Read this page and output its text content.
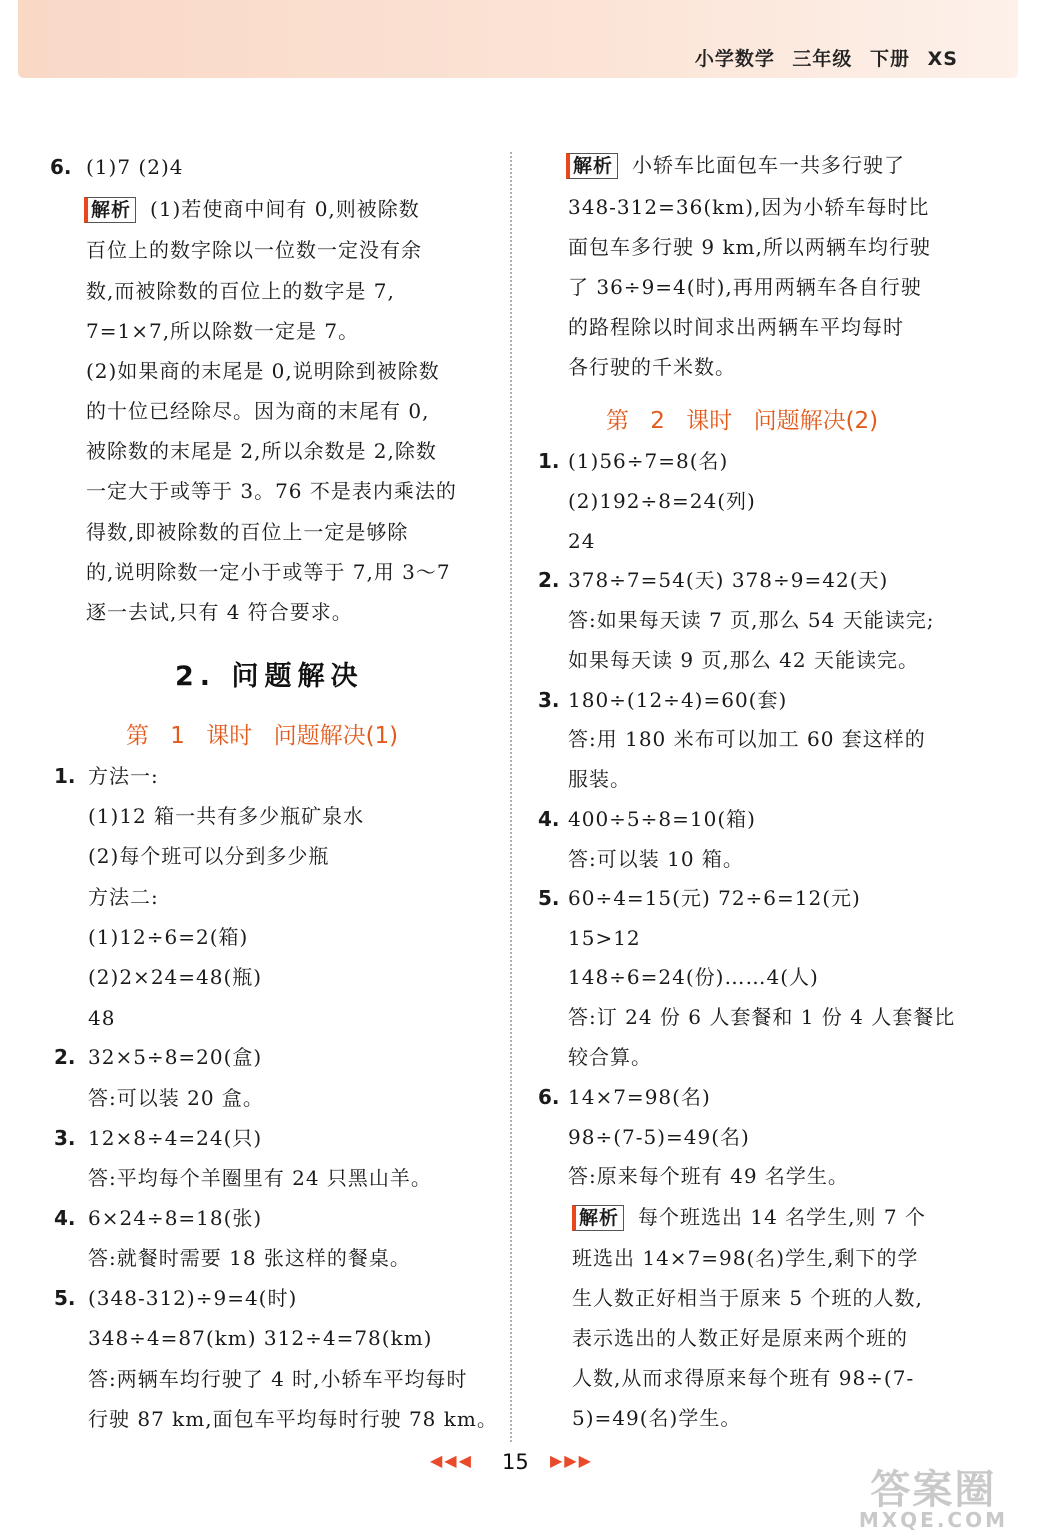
小学数学 三年级 下册 XS
6. (1)7 (2)4
解析 (1)若使商中间有 0,则被除数
百位上的数字除以一位数一定没有余
数,而被除数的百位上的数字是 7,
7=1×7,所以除数一定是 7。
(2)如果商的末尾是 0,说明除到被除数
的十位已经除尽。因为商的末尾有 0,
被除数的末尾是 2,所以余数是 2,除数
一定大于或等于 3。76 不是表内乘法的
得数,即被除数的百位上一定是够除
的,说明除数一定小于或等于 7,用 3～7
逐一去试,只有 4 符合要求。
2. 问题解决
第 1 课时 问题解决(1)
1. 方法一:
(1)12 箱一共有多少瓶矿泉水
(2)每个班可以分到多少瓶
方法二:
(1)12÷6=2(箱)
(2)2×24=48(瓶)
48
2. 32×5÷8=20(盒)
答:可以装 20 盒。
3. 12×8÷4=24(只)
答:平均每个羊圈里有 24 只黑山羊。
4. 6×24÷8=18(张)
答:就餐时需要 18 张这样的餐桌。
5. (348-312)÷9=4(时)
348÷4=87(km) 312÷4=78(km)
答:两辆车均行驶了 4 时,小轿车平均每时
行驶 87 km,面包车平均每时行驶 78 km。
解析 小轿车比面包车一共多行驶了
348-312=36(km),因为小轿车每时比
面包车多行驶 9 km,所以两辆车均行驶
了 36÷9=4(时),再用两辆车各自行驶
的路程除以时间求出两辆车平均每时
各行驶的千米数。
第 2 课时 问题解决(2)
1. (1)56÷7=8(名)
(2)192÷8=24(列)
24
2. 378÷7=54(天) 378÷9=42(天)
答:如果每天读 7 页,那么 54 天能读完;
如果每天读 9 页,那么 42 天能读完。
3. 180÷(12÷4)=60(套)
答:用 180 米布可以加工 60 套这样的
服装。
4. 400÷5÷8=10(箱)
答:可以装 10 箱。
5. 60÷4=15(元) 72÷6=12(元)
15>12
148÷6=24(份)……4(人)
答:订 24 份 6 人套餐和 1 份 4 人套餐比
较合算。
6. 14×7=98(名)
98÷(7-5)=49(名)
答:原来每个班有 49 名学生。
解析 每个班选出 14 名学生,则 7 个
班选出 14×7=98(名)学生,剩下的学
生人数正好相当于原来 5 个班的人数,
表示选出的人数正好是原来两个班的
人数,从而求得原来每个班有 98÷(7-
5)=49(名)学生。
◀◀◀ 15 ▶▶▶
答案圈
MXQE.COM
